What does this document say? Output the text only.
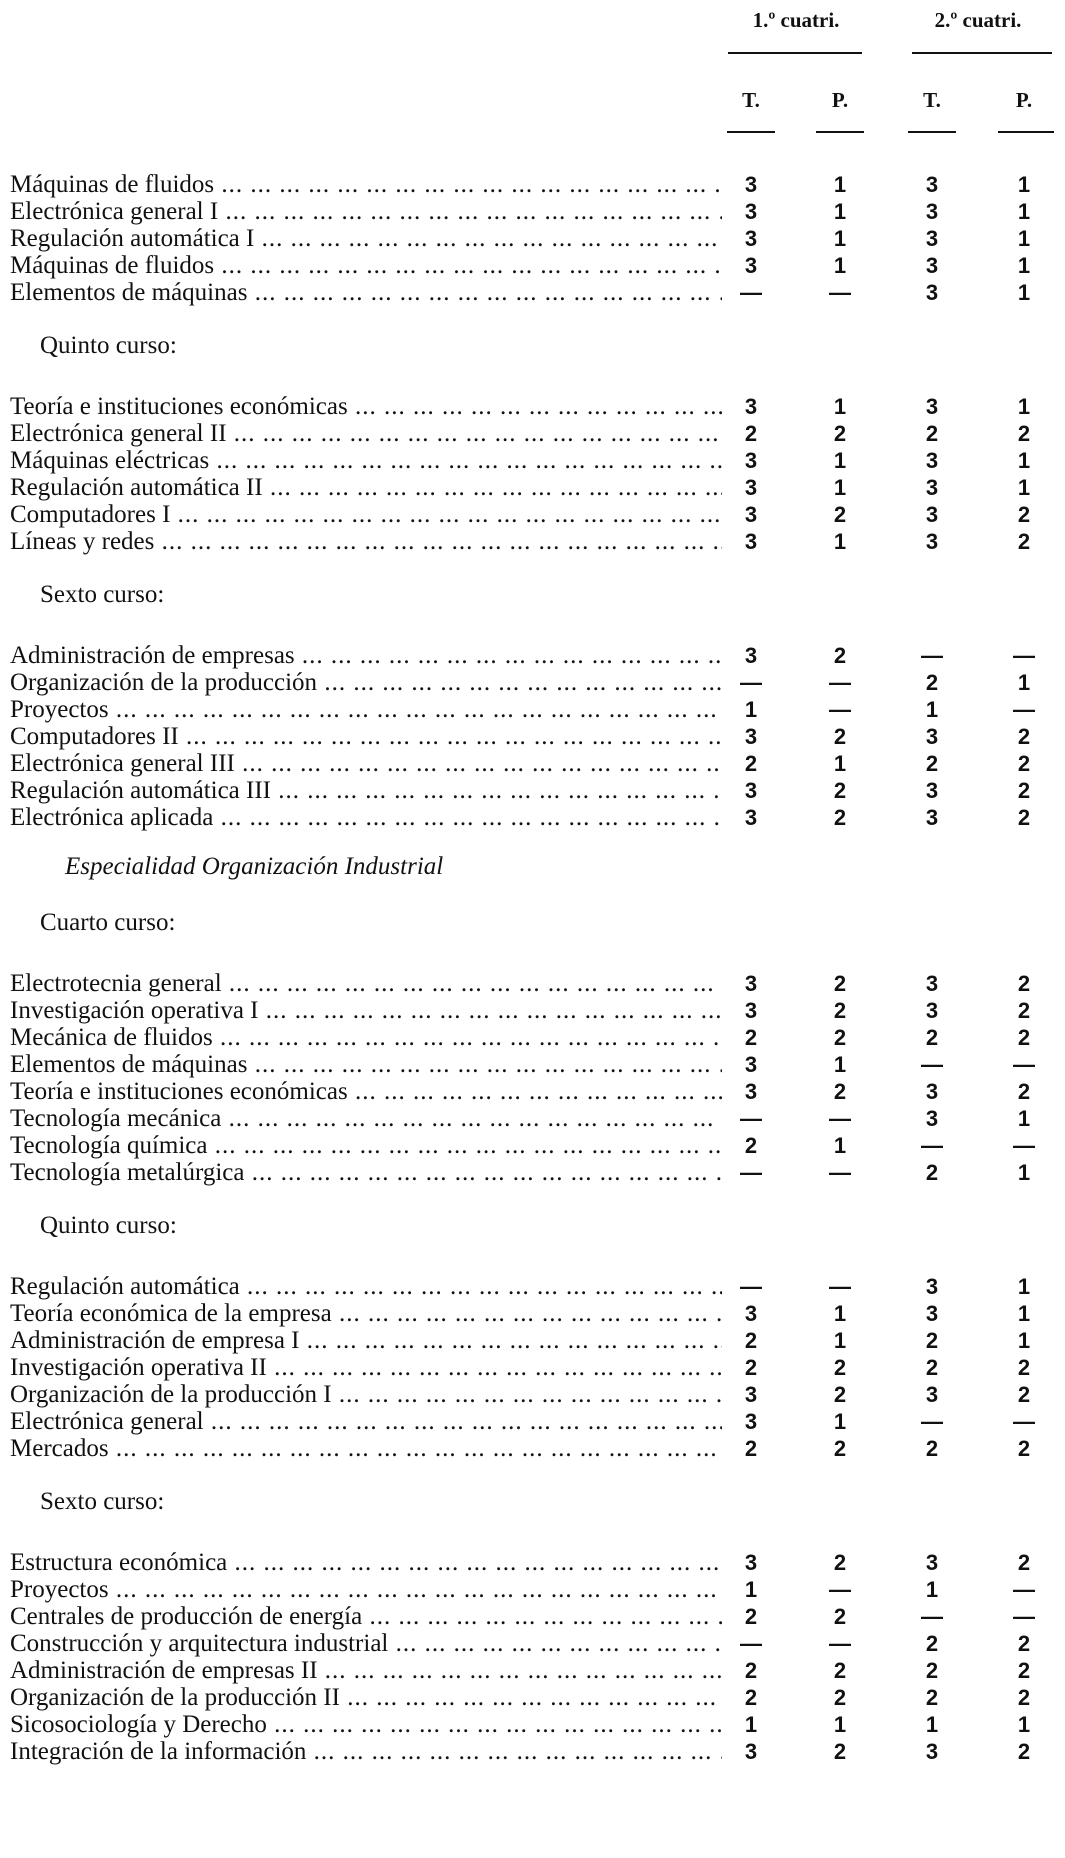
1.º cuatri.	2.º cuatri.
T.	P.	T.	P.
Máquinas de fluidos ... .	3	1	3	1
Electrónica general I ... .	3	1	3	1
Regulación automática I ... .	3	1	3	1
Máquinas de fluidos ... .	3	1	3	1
Elementos de máquinas ... .	—	—	3	1
Quinto curso:
Teoría e instituciones económicas ... .	3	1	3	1
Electrónica general II ... .	2	2	2	2
Máquinas eléctricas ... .	3	1	3	1
Regulación automática II ... .	3	1	3	1
Computadores I ... .	3	2	3	2
Líneas y redes ... .	3	1	3	2
Sexto curso:
Administración de empresas ... .	3	2	—	—
Organización de la producción ... .	—	—	2	1
Proyectos ... .	1	—	1	—
Computadores II ... .	3	2	3	2
Electrónica general III ... .	2	1	2	2
Regulación automática III ... .	3	2	3	2
Electrónica aplicada ... .	3	2	3	2
Especialidad Organización Industrial
Cuarto curso:
Electrotecnia general ... .	3	2	3	2
Investigación operativa I ... .	3	2	3	2
Mecánica de fluidos ... .	2	2	2	2
Elementos de máquinas ... .	3	1	—	—
Teoría e instituciones económicas ... .	3	2	3	2
Tecnología mecánica ... .	—	—	3	1
Tecnología química ... .	2	1	—	—
Tecnología metalúrgica ... .	—	—	2	1
Quinto curso:
Regulación automática ... .	—	—	3	1
Teoría económica de la empresa ... .	3	1	3	1
Administración de empresa I ... .	2	1	2	1
Investigación operativa II ... .	2	2	2	2
Organización de la producción I ... .	3	2	3	2
Electrónica general ... .	3	1	—	—
Mercados ... .	2	2	2	2
Sexto curso:
Estructura económica ... .	3	2	3	2
Proyectos ... .	1	—	1	—
Centrales de producción de energía ... .	2	2	—	—
Construcción y arquitectura industrial ... .	—	—	2	2
Administración de empresas II ... .	2	2	2	2
Organización de la producción II ... .	2	2	2	2
Sicosociología y Derecho ... .	1	1	1	1
Integración de la información ... .	3	2	3	2
